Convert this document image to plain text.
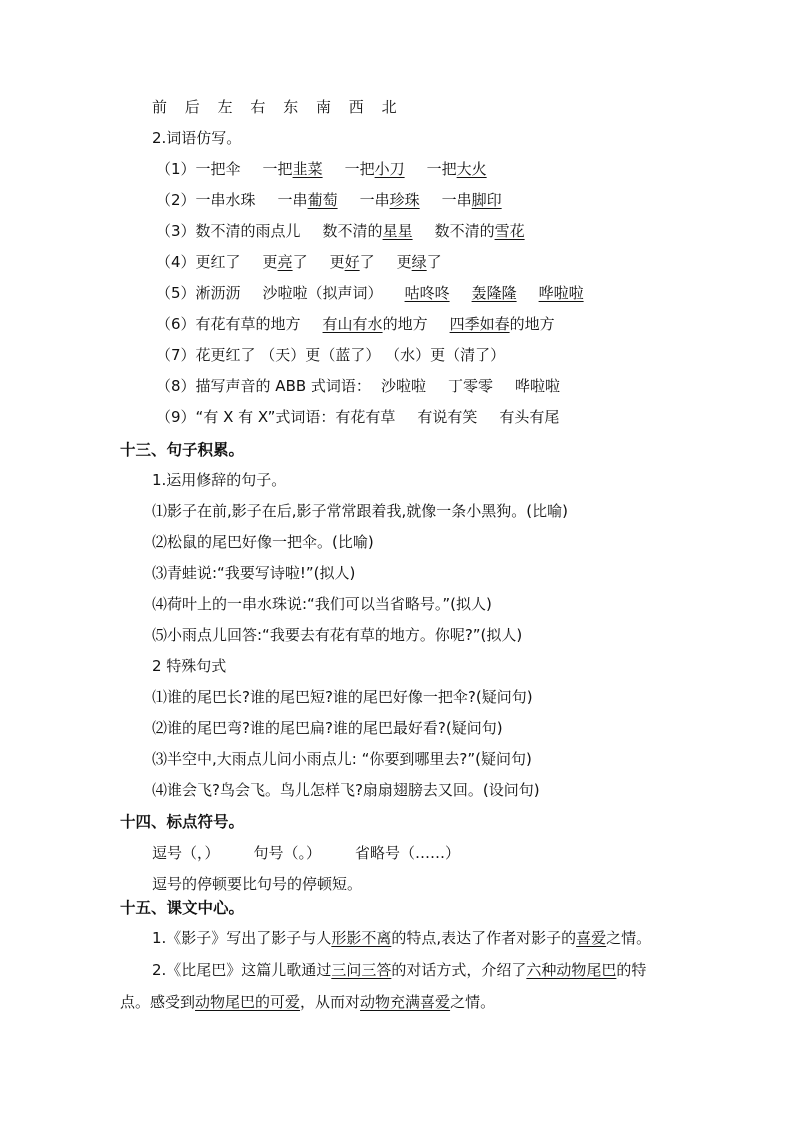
前 后 左 右 东 南 西 北
2.词语仿写。
（1）一把伞 一把韭菜 一把小刀 一把大火
（2）一串水珠 一串葡萄 一串珍珠 一串脚印
（3）数不清的雨点儿 数不清的星星 数不清的雪花
（4）更红了 更亮了 更好了 更绿了
（5）淅沥沥 沙啦啦（拟声词） 咕咚咚 轰隆隆 哗啦啦
（6）有花有草的地方 有山有水的地方 四季如春的地方
（7）花更红了 （天）更（蓝了） （水）更（清了）
（8）描写声音的 ABB 式词语： 沙啦啦 丁零零 哗啦啦
（9）“有 X 有 X”式词语：有花有草 有说有笑 有头有尾
十三、句子积累。
1.运用修辞的句子。
⑴影子在前,影子在后,影子常常跟着我,就像一条小黑狗。(比喻)
⑵松鼠的尾巴好像一把伞。(比喻)
⑶青蛙说:“我要写诗啦!”(拟人)
⑷荷叶上的一串水珠说:“我们可以当省略号。”(拟人)
⑸小雨点儿回答:“我要去有花有草的地方。你呢?”(拟人)
2 特殊句式
⑴谁的尾巴长?谁的尾巴短?谁的尾巴好像一把伞?(疑问句)
⑵谁的尾巴弯?谁的尾巴扁?谁的尾巴最好看?(疑问句)
⑶半空中,大雨点儿问小雨点儿: “你要到哪里去?”(疑问句)
⑷谁会飞?鸟会飞。鸟儿怎样飞?扇扇翅膀去又回。(设问句)
十四、标点符号。
逗号（，） 句号（。） 省略号（……）
逗号的停顿要比句号的停顿短。
十五、课文中心。
1.《影子》写出了影子与人形影不离的特点,表达了作者对影子的喜爱之情。
2.《比尾巴》这篇儿歌通过三问三答的对话方式，介绍了六种动物尾巴的特
点。感受到动物尾巴的可爱，从而对动物充满喜爱之情。
